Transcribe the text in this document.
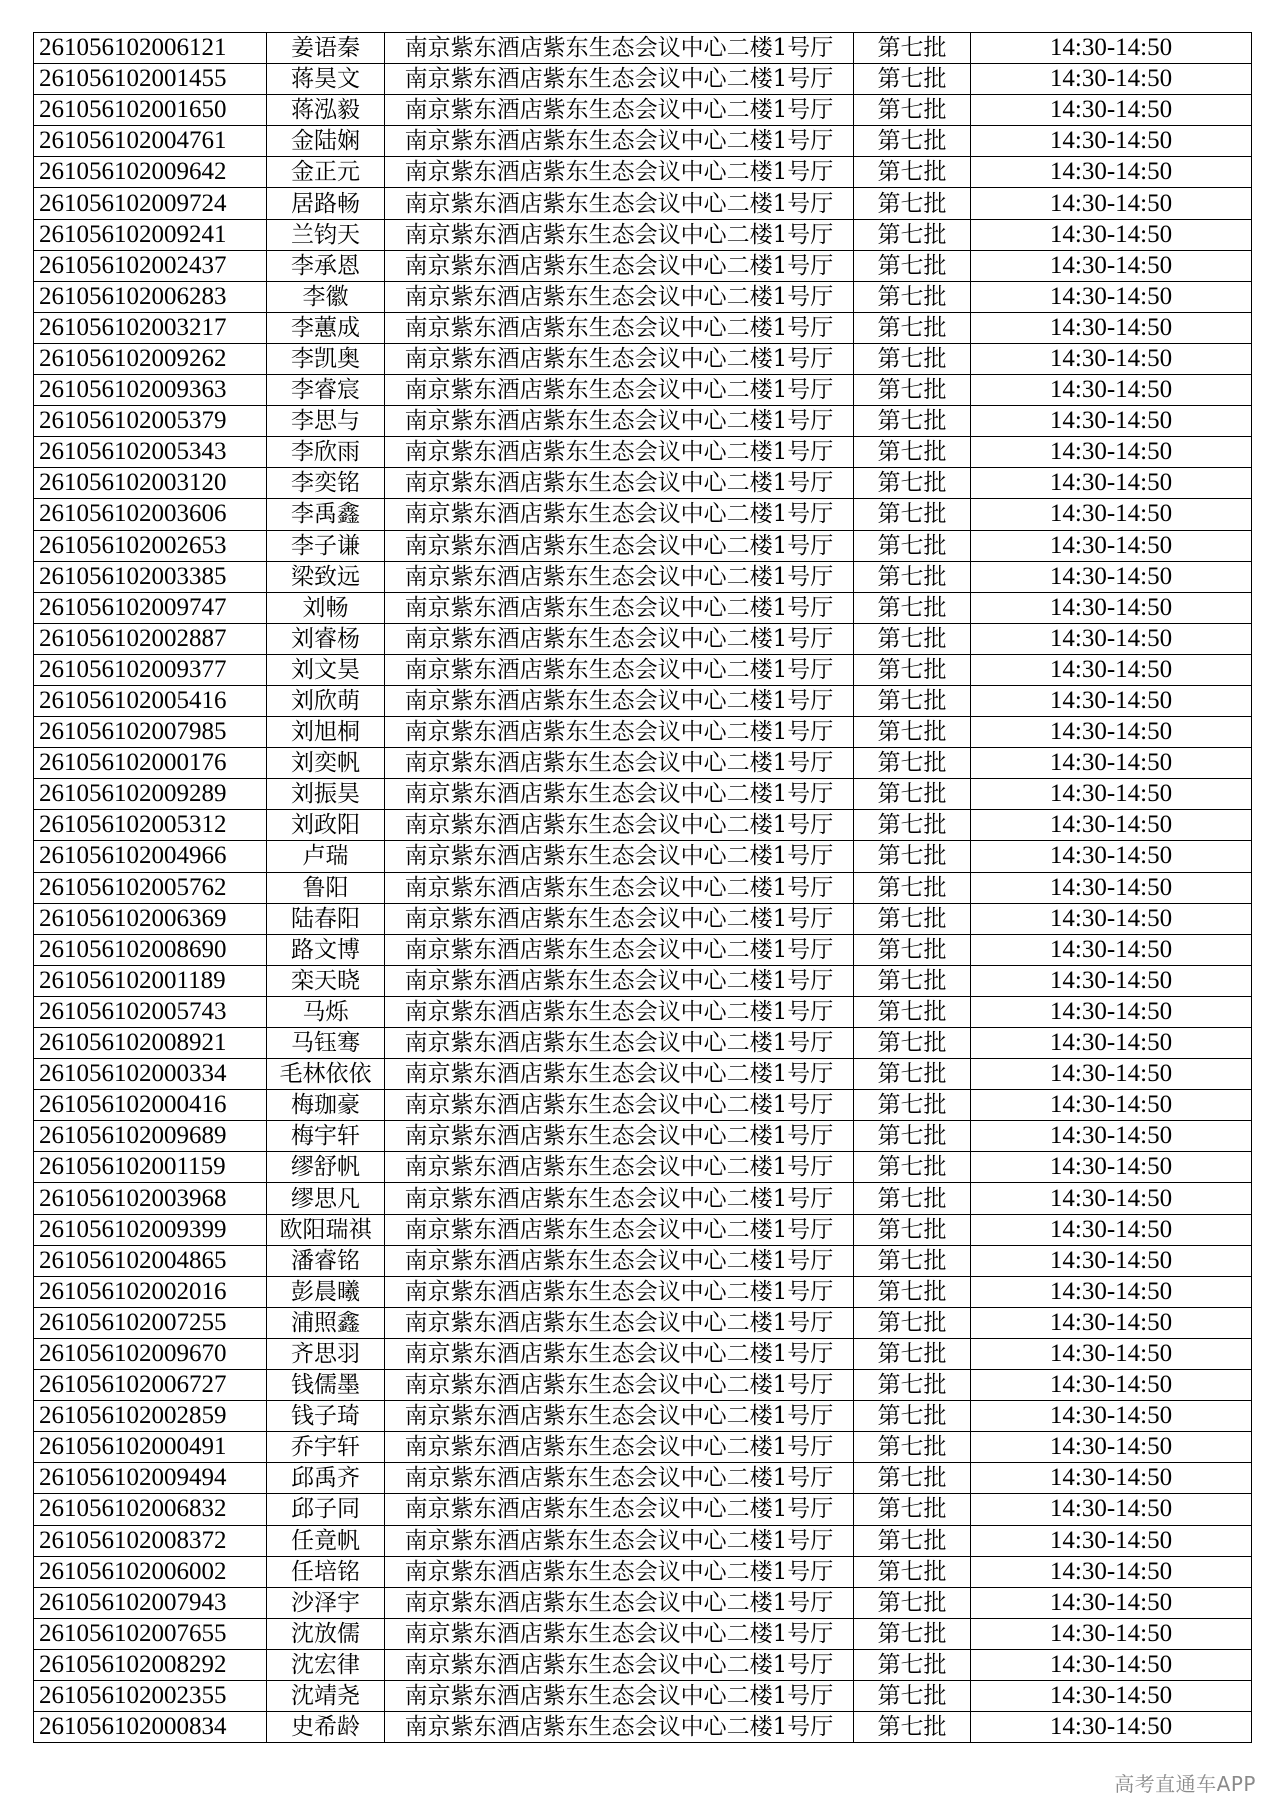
261056102006121	姜语秦	南京紫东酒店紫东生态会议中心二楼1号厅	第七批	14:30-14:50
261056102001455	蒋昊文	南京紫东酒店紫东生态会议中心二楼1号厅	第七批	14:30-14:50
261056102001650	蒋泓毅	南京紫东酒店紫东生态会议中心二楼1号厅	第七批	14:30-14:50
261056102004761	金陆娴	南京紫东酒店紫东生态会议中心二楼1号厅	第七批	14:30-14:50
261056102009642	金正元	南京紫东酒店紫东生态会议中心二楼1号厅	第七批	14:30-14:50
261056102009724	居路畅	南京紫东酒店紫东生态会议中心二楼1号厅	第七批	14:30-14:50
261056102009241	兰钧天	南京紫东酒店紫东生态会议中心二楼1号厅	第七批	14:30-14:50
261056102002437	李承恩	南京紫东酒店紫东生态会议中心二楼1号厅	第七批	14:30-14:50
261056102006283	李徽	南京紫东酒店紫东生态会议中心二楼1号厅	第七批	14:30-14:50
261056102003217	李蕙成	南京紫东酒店紫东生态会议中心二楼1号厅	第七批	14:30-14:50
261056102009262	李凯奥	南京紫东酒店紫东生态会议中心二楼1号厅	第七批	14:30-14:50
261056102009363	李睿宸	南京紫东酒店紫东生态会议中心二楼1号厅	第七批	14:30-14:50
261056102005379	李思与	南京紫东酒店紫东生态会议中心二楼1号厅	第七批	14:30-14:50
261056102005343	李欣雨	南京紫东酒店紫东生态会议中心二楼1号厅	第七批	14:30-14:50
261056102003120	李奕铭	南京紫东酒店紫东生态会议中心二楼1号厅	第七批	14:30-14:50
261056102003606	李禹鑫	南京紫东酒店紫东生态会议中心二楼1号厅	第七批	14:30-14:50
261056102002653	李子谦	南京紫东酒店紫东生态会议中心二楼1号厅	第七批	14:30-14:50
261056102003385	梁致远	南京紫东酒店紫东生态会议中心二楼1号厅	第七批	14:30-14:50
261056102009747	刘畅	南京紫东酒店紫东生态会议中心二楼1号厅	第七批	14:30-14:50
261056102002887	刘睿杨	南京紫东酒店紫东生态会议中心二楼1号厅	第七批	14:30-14:50
261056102009377	刘文昊	南京紫东酒店紫东生态会议中心二楼1号厅	第七批	14:30-14:50
261056102005416	刘欣萌	南京紫东酒店紫东生态会议中心二楼1号厅	第七批	14:30-14:50
261056102007985	刘旭桐	南京紫东酒店紫东生态会议中心二楼1号厅	第七批	14:30-14:50
261056102000176	刘奕帆	南京紫东酒店紫东生态会议中心二楼1号厅	第七批	14:30-14:50
261056102009289	刘振昊	南京紫东酒店紫东生态会议中心二楼1号厅	第七批	14:30-14:50
261056102005312	刘政阳	南京紫东酒店紫东生态会议中心二楼1号厅	第七批	14:30-14:50
261056102004966	卢瑞	南京紫东酒店紫东生态会议中心二楼1号厅	第七批	14:30-14:50
261056102005762	鲁阳	南京紫东酒店紫东生态会议中心二楼1号厅	第七批	14:30-14:50
261056102006369	陆春阳	南京紫东酒店紫东生态会议中心二楼1号厅	第七批	14:30-14:50
261056102008690	路文博	南京紫东酒店紫东生态会议中心二楼1号厅	第七批	14:30-14:50
261056102001189	栾天晓	南京紫东酒店紫东生态会议中心二楼1号厅	第七批	14:30-14:50
261056102005743	马烁	南京紫东酒店紫东生态会议中心二楼1号厅	第七批	14:30-14:50
261056102008921	马钰骞	南京紫东酒店紫东生态会议中心二楼1号厅	第七批	14:30-14:50
261056102000334	毛林依依	南京紫东酒店紫东生态会议中心二楼1号厅	第七批	14:30-14:50
261056102000416	梅珈豪	南京紫东酒店紫东生态会议中心二楼1号厅	第七批	14:30-14:50
261056102009689	梅宇轩	南京紫东酒店紫东生态会议中心二楼1号厅	第七批	14:30-14:50
261056102001159	缪舒帆	南京紫东酒店紫东生态会议中心二楼1号厅	第七批	14:30-14:50
261056102003968	缪思凡	南京紫东酒店紫东生态会议中心二楼1号厅	第七批	14:30-14:50
261056102009399	欧阳瑞祺	南京紫东酒店紫东生态会议中心二楼1号厅	第七批	14:30-14:50
261056102004865	潘睿铭	南京紫东酒店紫东生态会议中心二楼1号厅	第七批	14:30-14:50
261056102002016	彭晨曦	南京紫东酒店紫东生态会议中心二楼1号厅	第七批	14:30-14:50
261056102007255	浦照鑫	南京紫东酒店紫东生态会议中心二楼1号厅	第七批	14:30-14:50
261056102009670	齐思羽	南京紫东酒店紫东生态会议中心二楼1号厅	第七批	14:30-14:50
261056102006727	钱儒墨	南京紫东酒店紫东生态会议中心二楼1号厅	第七批	14:30-14:50
261056102002859	钱子琦	南京紫东酒店紫东生态会议中心二楼1号厅	第七批	14:30-14:50
261056102000491	乔宇轩	南京紫东酒店紫东生态会议中心二楼1号厅	第七批	14:30-14:50
261056102009494	邱禹齐	南京紫东酒店紫东生态会议中心二楼1号厅	第七批	14:30-14:50
261056102006832	邱子同	南京紫东酒店紫东生态会议中心二楼1号厅	第七批	14:30-14:50
261056102008372	任竟帆	南京紫东酒店紫东生态会议中心二楼1号厅	第七批	14:30-14:50
261056102006002	任培铭	南京紫东酒店紫东生态会议中心二楼1号厅	第七批	14:30-14:50
261056102007943	沙泽宇	南京紫东酒店紫东生态会议中心二楼1号厅	第七批	14:30-14:50
261056102007655	沈放儒	南京紫东酒店紫东生态会议中心二楼1号厅	第七批	14:30-14:50
261056102008292	沈宏律	南京紫东酒店紫东生态会议中心二楼1号厅	第七批	14:30-14:50
261056102002355	沈靖尧	南京紫东酒店紫东生态会议中心二楼1号厅	第七批	14:30-14:50
261056102000834	史希龄	南京紫东酒店紫东生态会议中心二楼1号厅	第七批	14:30-14:50
高考直通车APP
